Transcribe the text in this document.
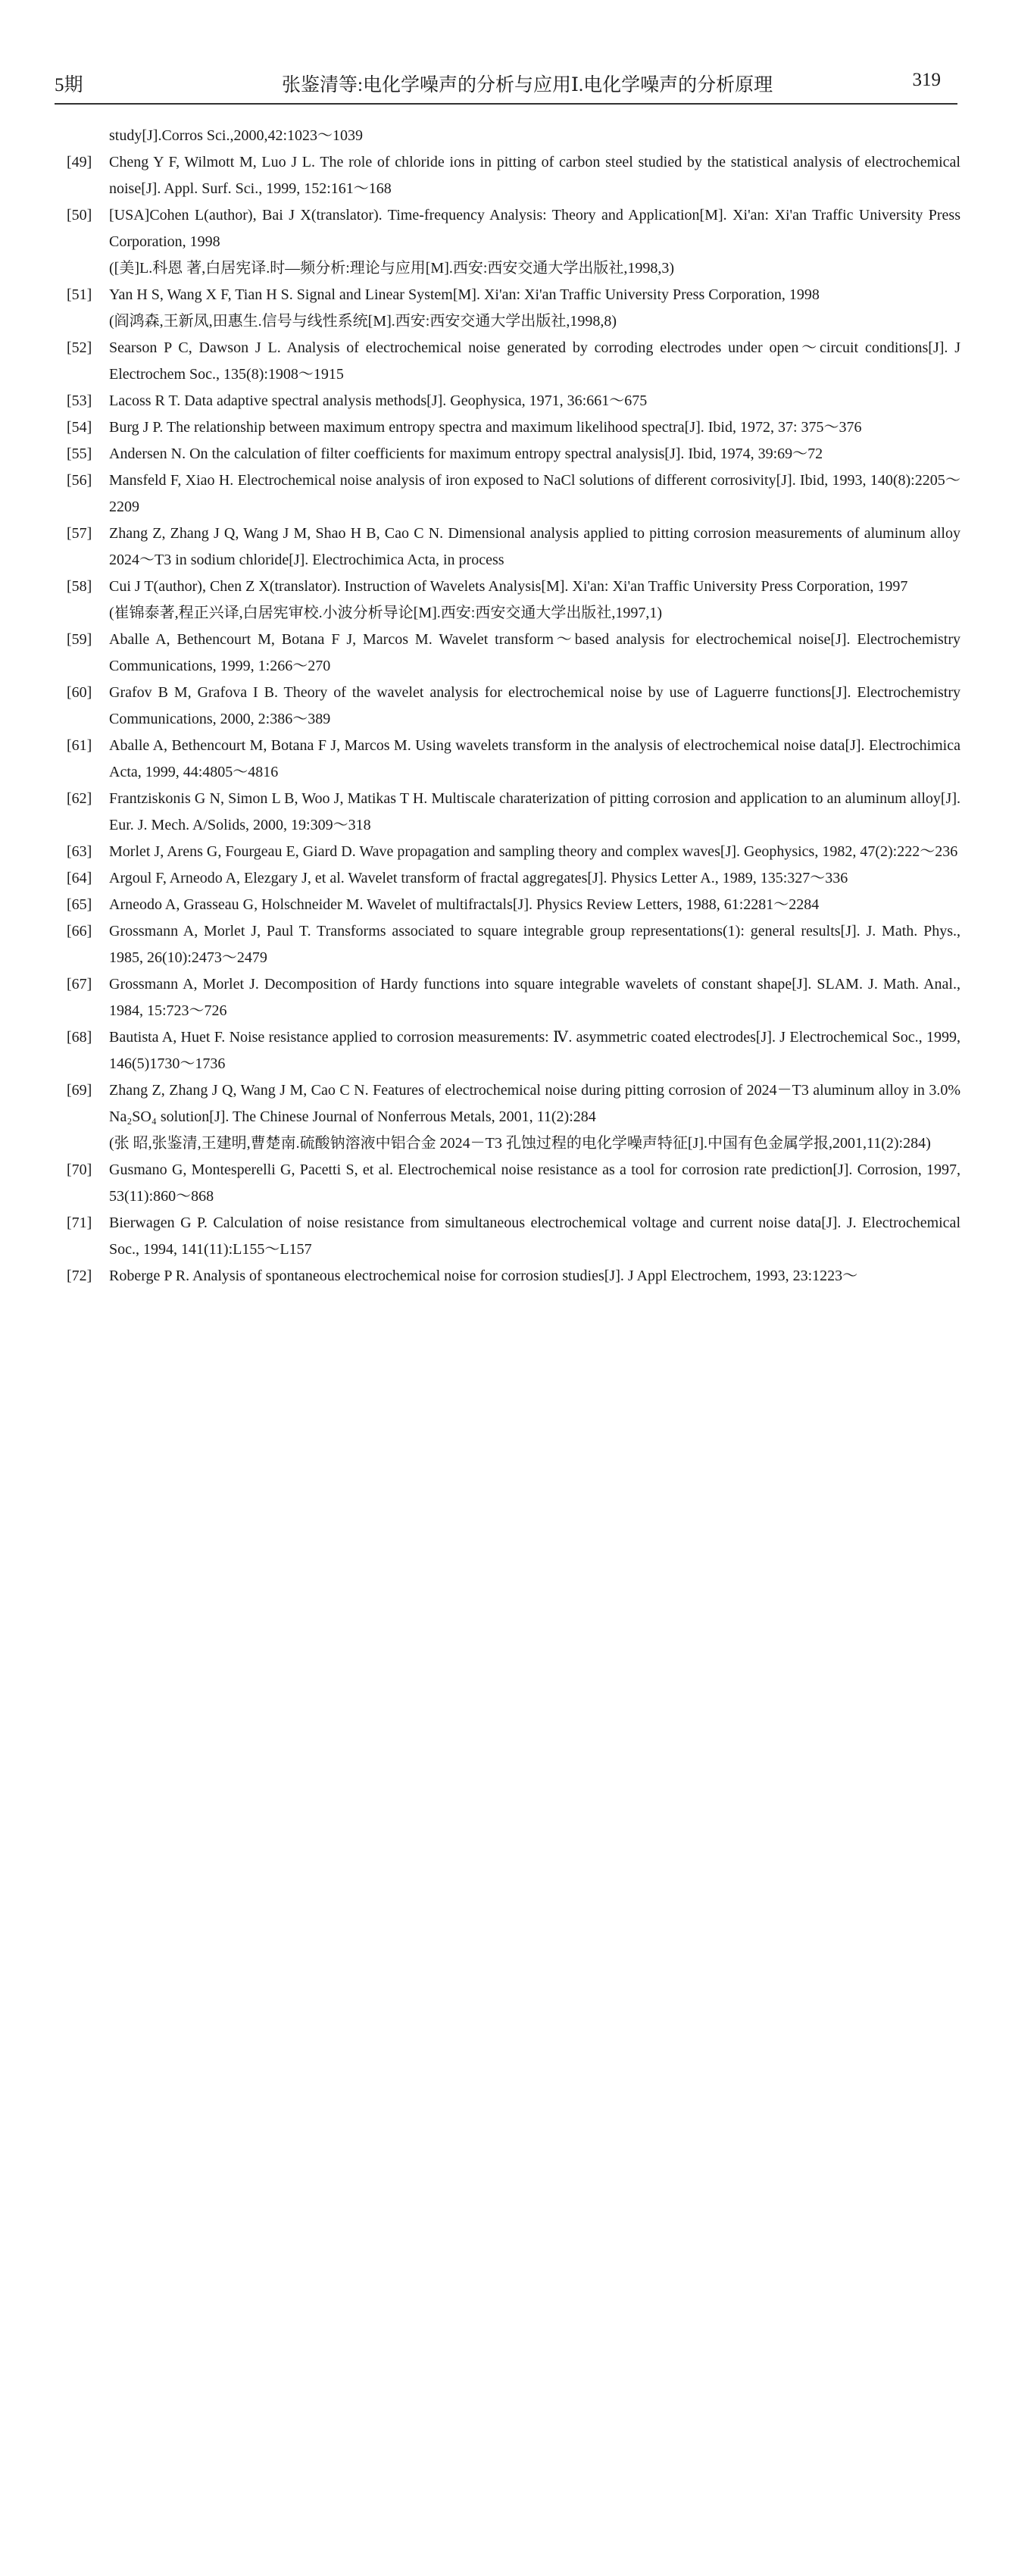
5期	张鉴清等:电化学噪声的分析与应用Ⅰ.电化学噪声的分析原理	319
study[J].Corros Sci.,2000,42:1023～1039
[49] Cheng Y F, Wilmott M, Luo J L. The role of chloride ions in pitting of carbon steel studied by the statistical analysis of electrochemical noise[J]. Appl. Surf. Sci., 1999, 152:161～168
[50] [USA]Cohen L(author), Bai J X(translator). Time-frequency Analysis: Theory and Application[M]. Xi'an: Xi'an Traffic University Press Corporation, 1998
([美]L.科恩 著,白居宪译.时—频分析:理论与应用[M].西安:西安交通大学出版社,1998,3)
[51] Yan H S, Wang X F, Tian H S. Signal and Linear System[M]. Xi'an: Xi'an Traffic University Press Corporation, 1998
(阎鸿森,王新凤,田惠生.信号与线性系统[M].西安:西安交通大学出版社,1998,8)
[52] Searson P C, Dawson J L. Analysis of electrochemical noise generated by corroding electrodes under open～circuit conditions[J]. J Electrochem Soc., 135(8):1908～1915
[53] Lacoss R T. Data adaptive spectral analysis methods[J]. Geophysica, 1971, 36:661～675
[54] Burg J P. The relationship between maximum entropy spectra and maximum likelihood spectra[J]. Ibid, 1972, 37: 375～376
[55] Andersen N. On the calculation of filter coefficients for maximum entropy spectral analysis[J]. Ibid, 1974, 39:69～72
[56] Mansfeld F, Xiao H. Electrochemical noise analysis of iron exposed to NaCl solutions of different corrosivity[J]. Ibid, 1993, 140(8):2205～2209
[57] Zhang Z, Zhang J Q, Wang J M, Shao H B, Cao C N. Dimensional analysis applied to pitting corrosion measurements of aluminum alloy 2024～T3 in sodium chloride[J]. Electrochimica Acta, in process
[58] Cui J T(author), Chen Z X(translator). Instruction of Wavelets Analysis[M]. Xi'an: Xi'an Traffic University Press Corporation, 1997
(崔锦泰著,程正兴译,白居宪审校.小波分析导论[M].西安:西安交通大学出版社,1997,1)
[59] Aballe A, Bethencourt M, Botana F J, Marcos M. Wavelet transform～based analysis for electrochemical noise[J]. Electrochemistry Communications, 1999, 1:266～270
[60] Grafov B M, Grafova I B. Theory of the wavelet analysis for electrochemical noise by use of Laguerre functions[J]. Electrochemistry Communications, 2000, 2:386～389
[61] Aballe A, Bethencourt M, Botana F J, Marcos M. Using wavelets transform in the analysis of electrochemical noise data[J]. Electrochimica Acta, 1999, 44:4805～4816
[62] Frantziskonis G N, Simon L B, Woo J, Matikas T H. Multiscale charaterization of pitting corrosion and application to an aluminum alloy[J]. Eur. J. Mech. A/Solids, 2000, 19:309～318
[63] Morlet J, Arens G, Fourgeau E, Giard D. Wave propagation and sampling theory and complex waves[J]. Geophysics, 1982, 47(2):222～236
[64] Argoul F, Arneodo A, Elezgary J, et al. Wavelet transform of fractal aggregates[J]. Physics Letter A., 1989, 135:327～336
[65] Arneodo A, Grasseau G, Holschneider M. Wavelet of multifractals[J]. Physics Review Letters, 1988, 61:2281～2284
[66] Grossmann A, Morlet J, Paul T. Transforms associated to square integrable group representations(1): general results[J]. J. Math. Phys., 1985, 26(10):2473～2479
[67] Grossmann A, Morlet J. Decomposition of Hardy functions into square integrable wavelets of constant shape[J]. SLAM. J. Math. Anal., 1984, 15:723～726
[68] Bautista A, Huet F. Noise resistance applied to corrosion measurements: Ⅳ. asymmetric coated electrodes[J]. J Electrochemical Soc., 1999, 146(5)1730～1736
[69] Zhang Z, Zhang J Q, Wang J M, Cao C N. Features of electrochemical noise during pitting corrosion of 2024－T3 aluminum alloy in 3.0% Na₂SO₄ solution[J]. The Chinese Journal of Nonferrous Metals, 2001, 11(2):284
(张 昭,张鉴清,王建明,曹楚南.硫酸钠溶液中铝合金 2024－T3 孔蚀过程的电化学噪声特征[J].中国有色金属学报,2001,11(2):284)
[70] Gusmano G, Montesperelli G, Pacetti S, et al. Electrochemical noise resistance as a tool for corrosion rate prediction[J]. Corrosion, 1997, 53(11):860～868
[71] Bierwagen G P. Calculation of noise resistance from simultaneous electrochemical voltage and current noise data[J]. J. Electrochemical Soc., 1994, 141(11):L155～L157
[72] Roberge P R. Analysis of spontaneous electrochemical noise for corrosion studies[J]. J Appl Electrochem, 1993, 23:1223～
